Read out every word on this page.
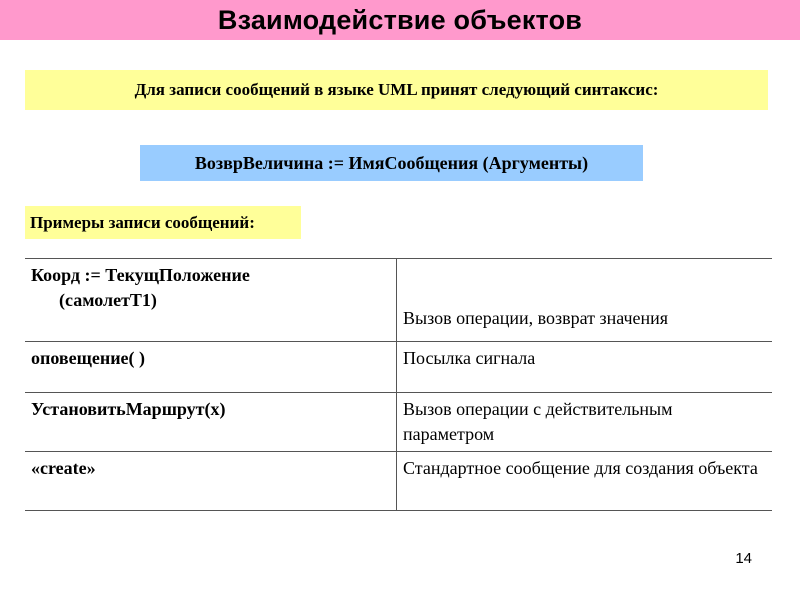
Взаимодействие объектов
Для записи сообщений в языке UML принят следующий синтаксис:
ВозврВеличина := ИмяСообщения (Аргументы)
Примеры записи сообщений:
Коорд := ТекущПоложение
(самолетT1)	Вызов операции, возврат значения
оповещение( )	Посылка сигнала
УстановитьМаршрут(x)	Вызов операции с действительным параметром
«create»	Стандартное сообщение для создания объекта
14
